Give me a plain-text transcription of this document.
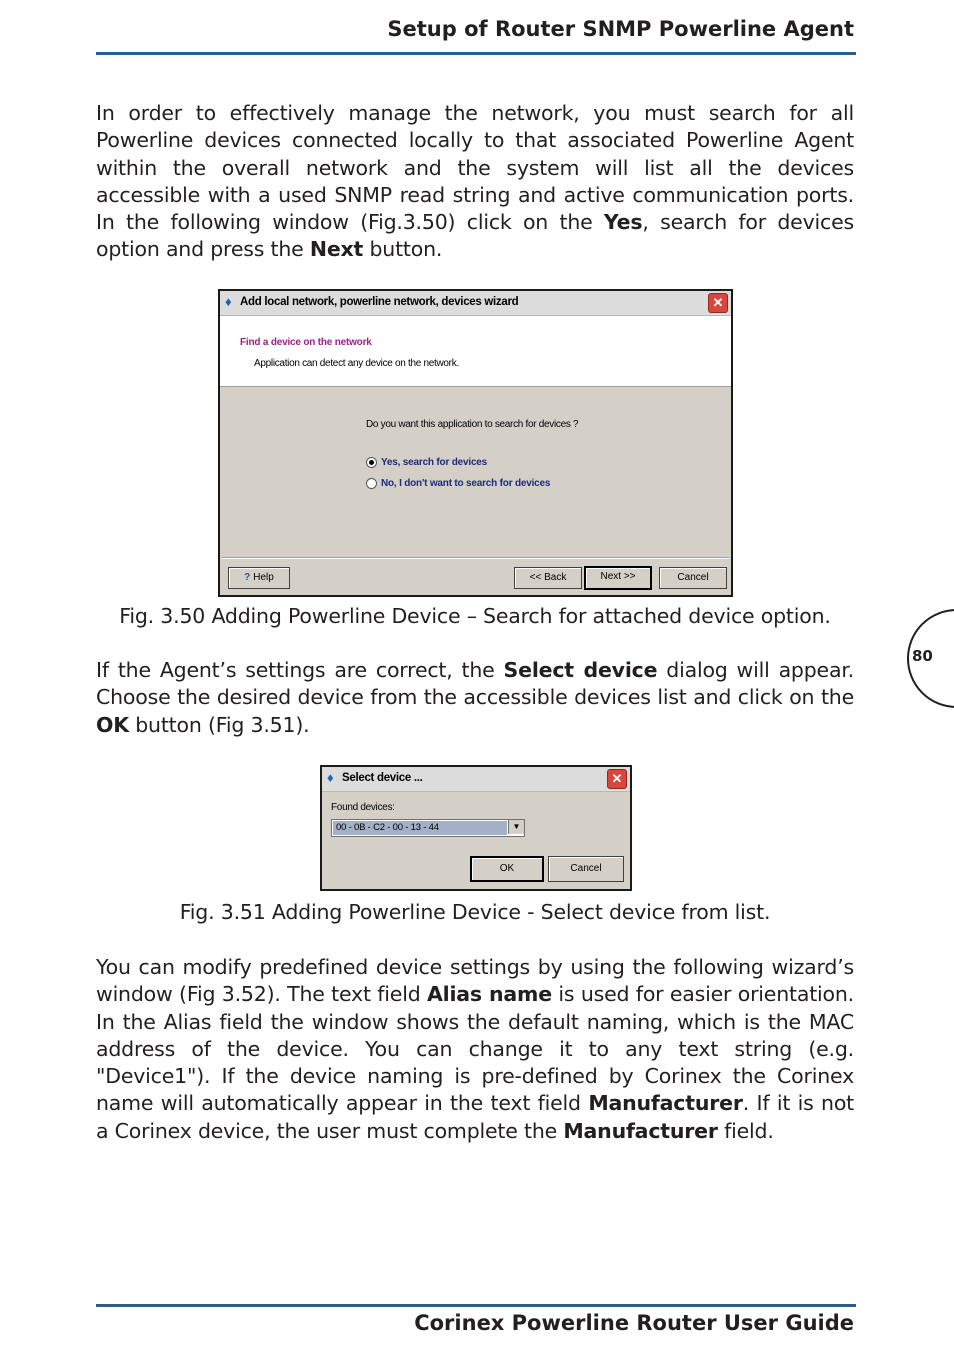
Setup of Router SNMP Powerline Agent
In order to effectively manage the network, you must search for all Powerline devices connected locally to that associated Powerline Agent within the overall network and the system will list all the devices accessible with a used SNMP read string and active communication ports. In the following window (Fig.3.50) click on the Yes, search for devices option and press the Next button.
♦ Add local network, powerline network, devices wizard	✕
Find a device on the network
Application can detect any device on the network.
Do you want this application to search for devices ?
Yes, search for devices
No, I don't want to search for devices
? Help	<< Back	Next >>	Cancel
Fig. 3.50 Adding Powerline Device – Search for attached device option.
80
If the Agent’s settings are correct, the Select device dialog will appear. Choose the desired device from the accessible devices list and click on the OK button (Fig 3.51).
♦ Select device ...	✕
Found devices:
00 - 0B - C2 - 00 - 13 - 44	▼
OK	Cancel
Fig. 3.51 Adding Powerline Device - Select device from list.
You can modify predefined device settings by using the following wizard’s window (Fig 3.52). The text field Alias name is used for easier orientation. In the Alias field the window shows the default naming, which is the MAC address of the device. You can change it to any text string (e.g. "Device1"). If the device naming is pre-defined by Corinex the Corinex name will automatically appear in the text field Manufacturer. If it is not a Corinex device, the user must complete the Manufacturer field.
Corinex Powerline Router User Guide
